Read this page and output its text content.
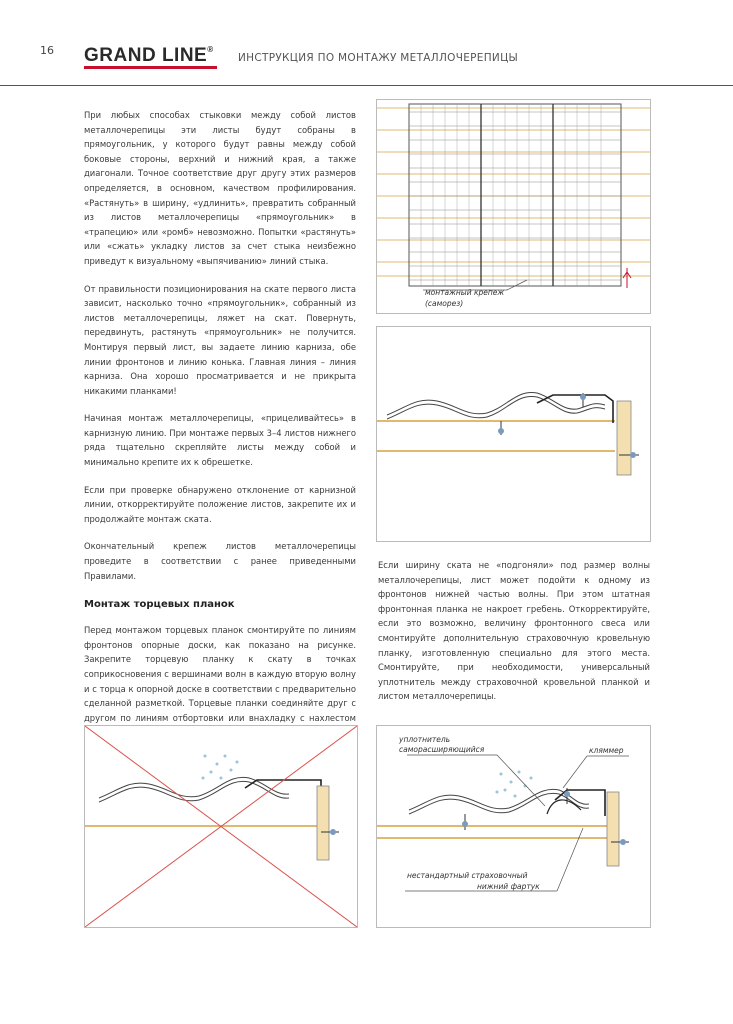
16 GRAND LINE®
ИНСТРУКЦИЯ ПО МОНТАЖУ МЕТАЛЛОЧЕРЕПИЦЫ

При любых способах стыковки между собой листов металлочерепицы эти листы будут собраны в прямоугольник, у которого будут равны между собой боковые стороны, верхний и нижний края, а также диагонали. Точное соответствие друг другу этих размеров определяется, в основном, качеством профилирования. «Растянуть» в ширину, «удлинить», превратить собранный из листов металлочерепицы «прямоугольник» в «трапецию» или «ромб» невозможно. Попытки «растянуть» или «сжать» укладку листов за счет стыка неизбежно приведут к визуальному «выпячиванию» линий стыка.

От правильности позиционирования на скате первого листа зависит, насколько точно «прямоугольник», собранный из листов металлочерепицы, ляжет на скат. Повернуть, передвинуть, растянуть «прямоугольник» не получится. Монтируя первый лист, вы задаете линию карниза, обе линии фронтонов и линию конька. Главная линия – линия карниза. Она хорошо просматривается и не прикрыта никакими планками!

Начиная монтаж металлочерепицы, «прицеливайтесь» в карнизную линию. При монтаже первых 3–4 листов нижнего ряда тщательно скрепляйте листы между собой и минимально крепите их к обрешетке.

Если при проверке обнаружено отклонение от карнизной линии, откорректируйте положение листов, закрепите их и продолжайте монтаж ската.

Окончательный крепеж листов металлочерепицы проведите в соответствии с ранее приведенными Правилами.

Монтаж торцевых планок

Перед монтажом торцевых планок смонтируйте по линиям фронтонов опорные доски, как показано на рисунке. Закрепите торцевую планку к скату в точках соприкосновения с вершинами волн в каждую вторую волну и с торца к опорной доске в соответствии с предварительно сделанной разметкой. Торцевые планки соединяйте друг с другом по линиям отбортовки или внахладку с нахлестом

монтажный крепеж
(саморез)

Если ширину ската не «подгоняли» под размер волны металлочерепицы, лист может подойти к одному из фронтонов нижней частью волны. При этом штатная фронтонная планка не накроет гребень. Откорректируйте, если это возможно, величину фронтонного свеса или смонтируйте дополнительную страховочную кровельную планку, изготовленную специально для этого места. Смонтируйте, при необходимости, универсальный уплотнитель между страховочной кровельной планкой и листом металлочерепицы.

уплотнитель
саморасширяющийся	кляммер
нестандартный страховочный
нижний фартук
